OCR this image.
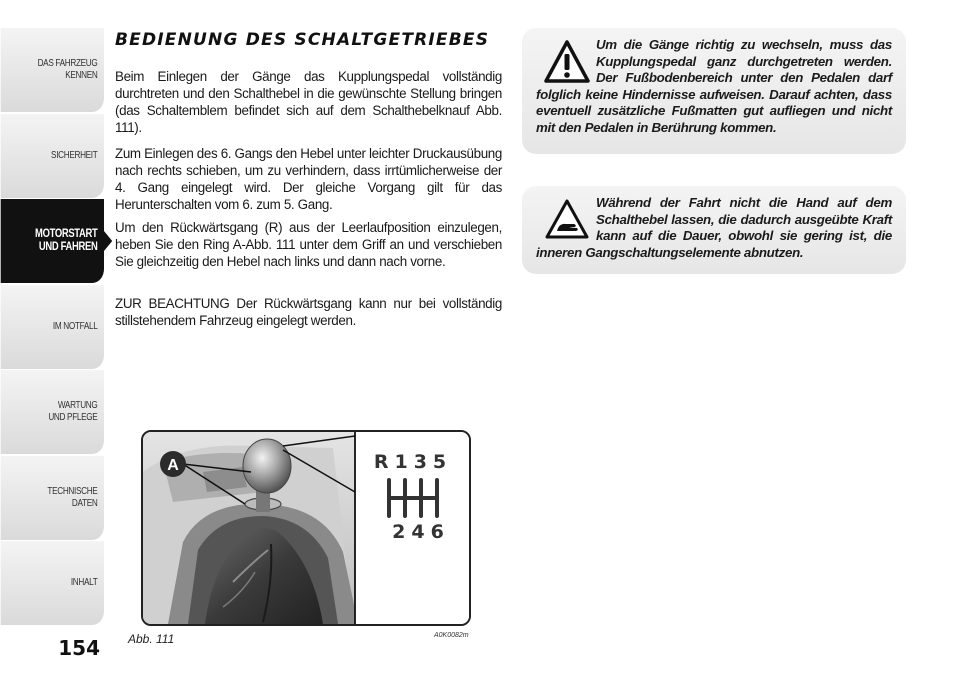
DAS FAHRZEUG
KENNEN
SICHERHEIT
MOTORSTART
UND FAHREN
IM NOTFALL
WARTUNG
UND PFLEGE
TECHNISCHE
DATEN
INHALT
154
BEDIENUNG DES SCHALTGETRIEBES

Beim Einlegen der Gänge das Kupplungspedal vollständig durchtreten und den Schalthebel in die gewünschte Stellung bringen (das Schaltemblem befindet sich auf dem Schalthebelknauf Abb. 111).

Zum Einlegen des 6. Gangs den Hebel unter leichter Druckausübung nach rechts schieben, um zu verhindern, dass irrtümlicherweise der 4. Gang eingelegt wird. Der gleiche Vorgang gilt für das Herunterschalten vom 6. zum 5. Gang.

Um den Rückwärtsgang (R) aus der Leerlaufposition einzulegen, heben Sie den Ring A-Abb. 111 unter dem Griff an und verschieben Sie gleichzeitig den Hebel nach links und dann nach vorne.

ZUR BEACHTUNG Der Rückwärtsgang kann nur bei vollständig stillstehendem Fahrzeug eingelegt werden.

Um die Gänge richtig zu wechseln, muss das Kupplungspedal ganz durchgetreten werden. Der Fußbodenbereich unter den Pedalen darf folglich keine Hindernisse aufweisen. Darauf achten, dass eventuell zusätzliche Fußmatten gut aufliegen und nicht mit den Pedalen in Berührung kommen.
Während der Fahrt nicht die Hand auf dem Schalthebel lassen, die dadurch ausgeübte Kraft kann auf die Dauer, obwohl sie gering ist, die inneren Gangschaltungselemente abnutzen.
A	R135
246
Abb. 111	A0K0082m
